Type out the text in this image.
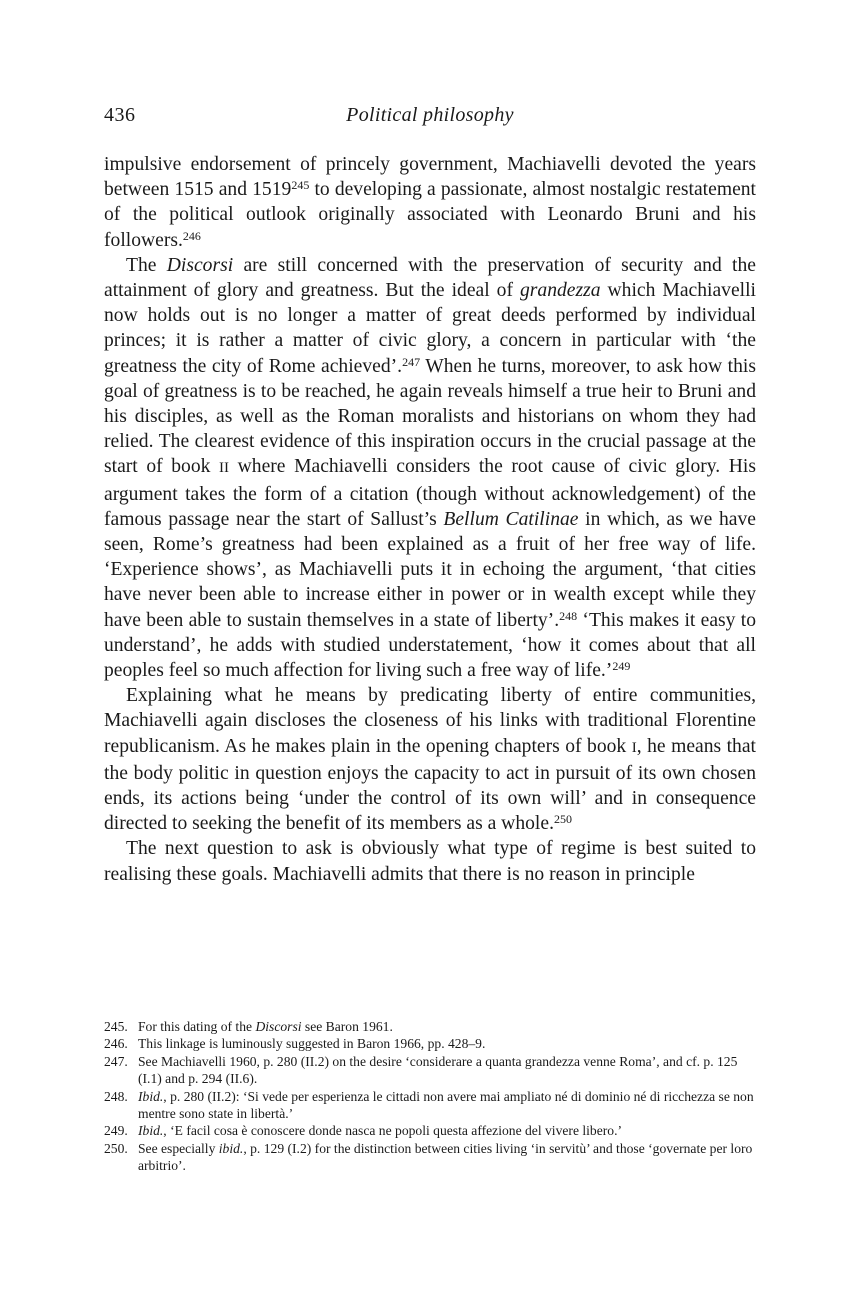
436	Political philosophy

impulsive endorsement of princely government, Machiavelli devoted the years between 1515 and 1519$^{245}$ to developing a passionate, almost nostalgic restatement of the political outlook originally associated with Leonardo Bruni and his followers.$^{246}$

The Discorsi are still concerned with the preservation of security and the attainment of glory and greatness. But the ideal of grandezza which Machiavelli now holds out is no longer a matter of great deeds performed by individual princes; it is rather a matter of civic glory, a concern in particular with ‘the greatness the city of Rome achieved’.$^{247}$ When he turns, moreover, to ask how this goal of greatness is to be reached, he again reveals himself a true heir to Bruni and his disciples, as well as the Roman moralists and historians on whom they had relied. The clearest evidence of this inspiration occurs in the crucial passage at the start of book II where Machiavelli considers the root cause of civic glory. His argument takes the form of a citation (though without acknowledgement) of the famous passage near the start of Sallust’s Bellum Catilinae in which, as we have seen, Rome’s greatness had been explained as a fruit of her free way of life. ‘Experience shows’, as Machiavelli puts it in echoing the argument, ‘that cities have never been able to increase either in power or in wealth except while they have been able to sustain themselves in a state of liberty’.$^{248}$ ‘This makes it easy to understand’, he adds with studied understatement, ‘how it comes about that all peoples feel so much affection for living such a free way of life.’$^{249}$

Explaining what he means by predicating liberty of entire communities, Machiavelli again discloses the closeness of his links with traditional Florentine republicanism. As he makes plain in the opening chapters of book I, he means that the body politic in question enjoys the capacity to act in pursuit of its own chosen ends, its actions being ‘under the control of its own will’ and in consequence directed to seeking the benefit of its members as a whole.$^{250}$

The next question to ask is obviously what type of regime is best suited to realising these goals. Machiavelli admits that there is no reason in principle

245. For this dating of the Discorsi see Baron 1961.

246. This linkage is luminously suggested in Baron 1966, pp. 428–9.

247. See Machiavelli 1960, p. 280 (II.2) on the desire ‘considerare a quanta grandezza venne Roma’, and cf. p. 125 (I.1) and p. 294 (II.6).

248. Ibid., p. 280 (II.2): ‘Si vede per esperienza le cittadi non avere mai ampliato né di dominio né di ricchezza se non mentre sono state in libertà.’

249. Ibid., ‘E facil cosa è conoscere donde nasca ne popoli questa affezione del vivere libero.’

250. See especially ibid., p. 129 (I.2) for the distinction between cities living ‘in servitù’ and those ‘governate per loro arbitrio’.
